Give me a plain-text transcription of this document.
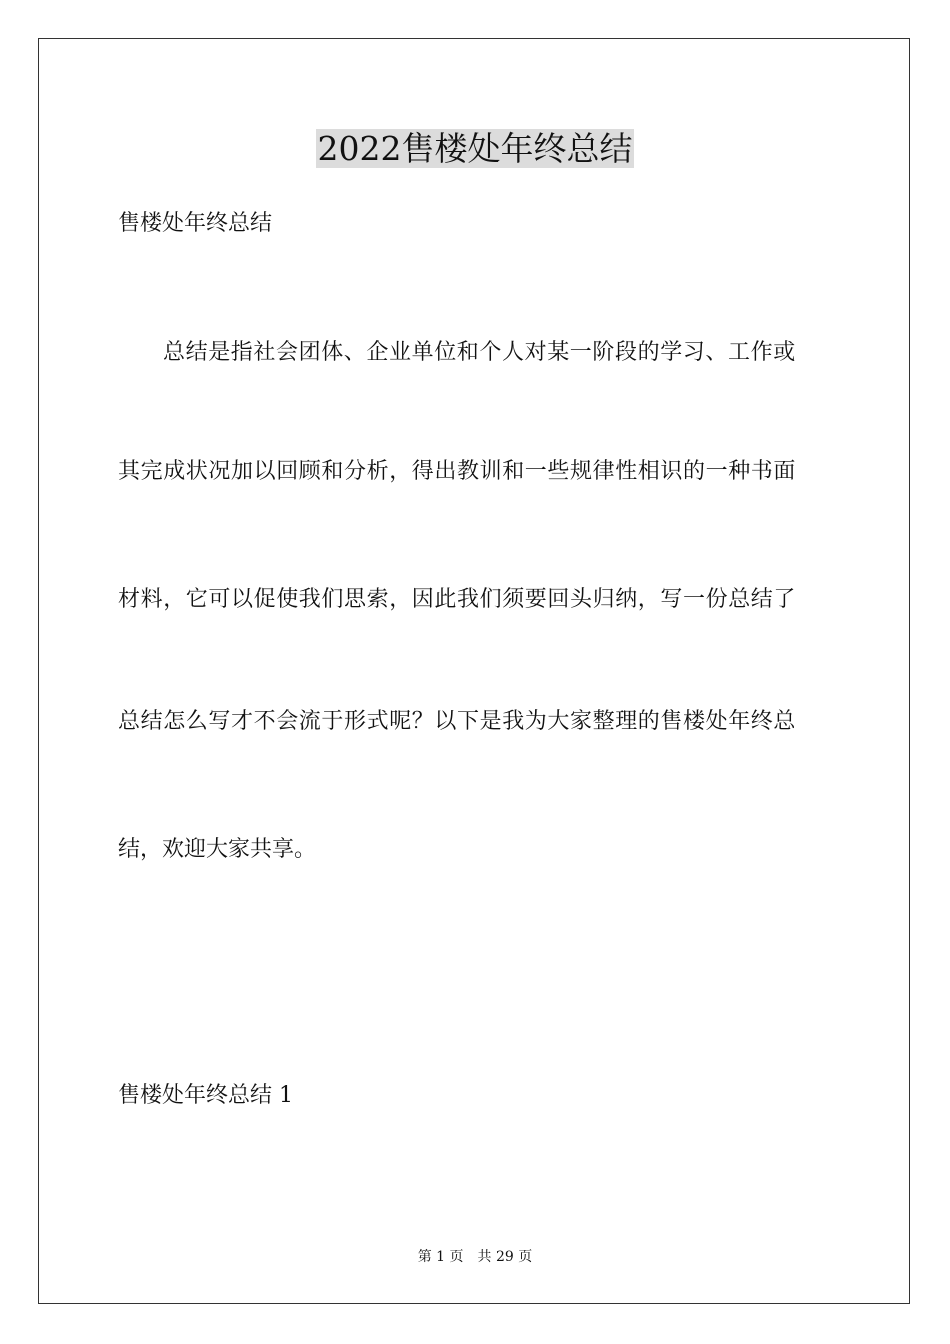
2022售楼处年终总结
售楼处年终总结
总结是指社会团体、企业单位和个人对某一阶段的学习、工作或
其完成状况加以回顾和分析，得出教训和一些规律性相识的一种书面
材料，它可以促使我们思索，因此我们须要回头归纳，写一份总结了
总结怎么写才不会流于形式呢？以下是我为大家整理的售楼处年终总
结，欢迎大家共享。
售楼处年终总结 1
第 1 页 共 29 页
